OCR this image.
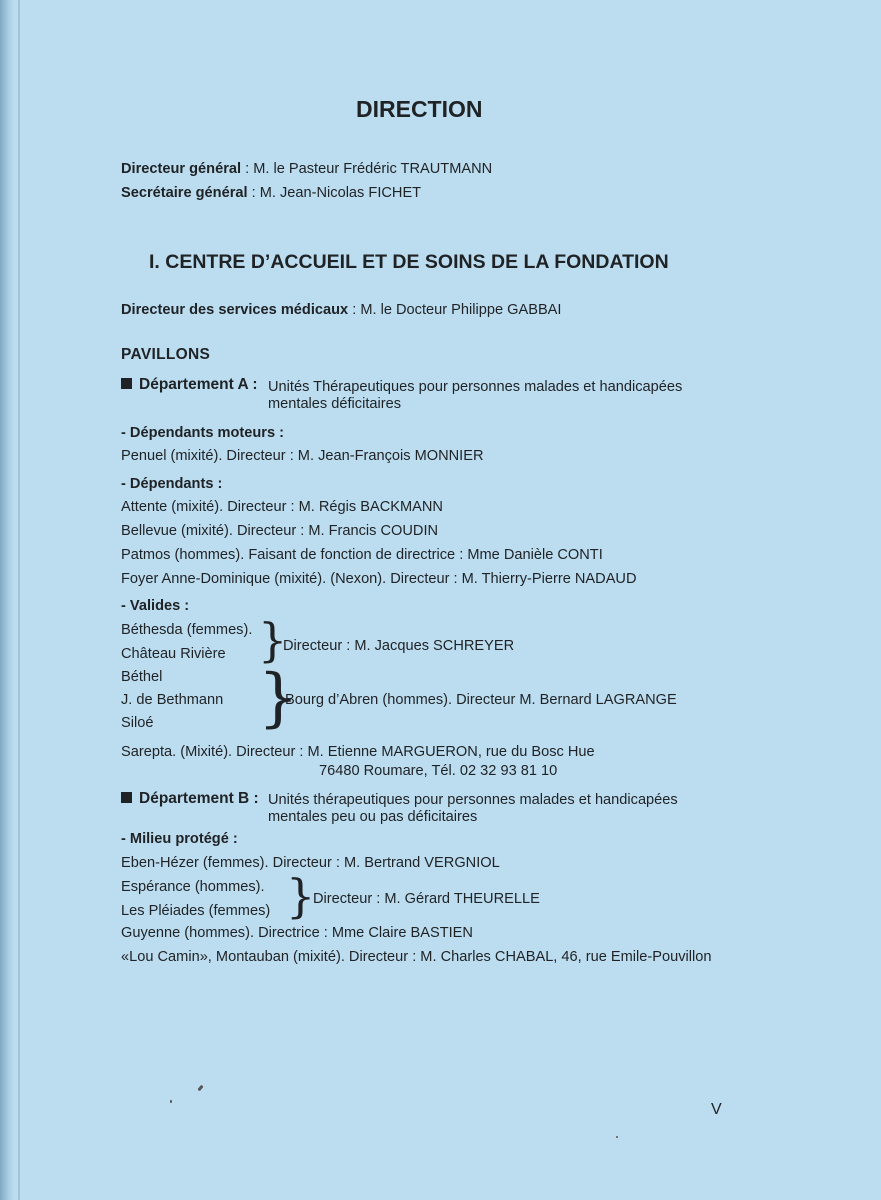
DIRECTION
Directeur général : M. le Pasteur Frédéric TRAUTMANN
Secrétaire général : M. Jean-Nicolas FICHET
I. CENTRE D’ACCUEIL ET DE SOINS DE LA FONDATION
Directeur des services médicaux : M. le Docteur Philippe GABBAI
PAVILLONS
Département A : Unités Thérapeutiques pour personnes malades et handicapées
mentales déficitaires
- Dépendants moteurs :
Penuel (mixité). Directeur : M. Jean-François MONNIER
- Dépendants :
Attente (mixité). Directeur : M. Régis BACKMANN
Bellevue (mixité). Directeur : M. Francis COUDIN
Patmos (hommes). Faisant de fonction de directrice : Mme Danièle CONTI
Foyer Anne-Dominique (mixité). (Nexon). Directeur : M. Thierry-Pierre NADAUD
- Valides :
Béthesda (femmes).
Château Rivière }
Directeur : M. Jacques SCHREYER
Béthel
J. de Bethmann
Siloé }
Bourg d’Abren (hommes). Directeur M. Bernard LAGRANGE
Sarepta. (Mixité). Directeur : M. Etienne MARGUERON, rue du Bosc Hue
76480 Roumare, Tél. 02 32 93 81 10
Département B : Unités thérapeutiques pour personnes malades et handicapées
mentales peu ou pas déficitaires
- Milieu protégé :
Eben-Hézer (femmes). Directeur : M. Bertrand VERGNIOL
Espérance (hommes).
Les Pléiades (femmes) }
Directeur : M. Gérard THEURELLE
Guyenne (hommes). Directrice : Mme Claire BASTIEN
«Lou Camin», Montauban (mixité). Directeur : M. Charles CHABAL, 46, rue Emile-Pouvillon
V
